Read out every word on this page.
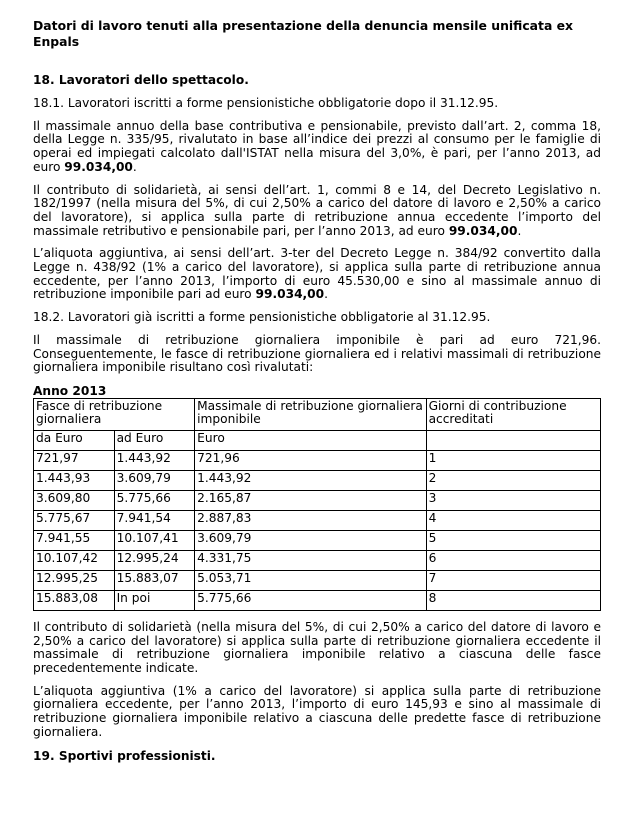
Datori di lavoro tenuti alla presentazione della denuncia mensile unificata ex Enpals
18. Lavoratori dello spettacolo.

18.1. Lavoratori iscritti a forme pensionistiche obbligatorie dopo il 31.12.95.

Il massimale annuo della base contributiva e pensionabile, previsto dall’art. 2, comma 18, della Legge n. 335/95, rivalutato in base all’indice dei prezzi al consumo per le famiglie di operai ed impiegati calcolato dall'ISTAT nella misura del 3,0%, è pari, per l’anno 2013, ad euro 99.034,00.

Il contributo di solidarietà, ai sensi dell’art. 1, commi 8 e 14, del Decreto Legislativo n. 182/1997 (nella misura del 5%, di cui 2,50% a carico del datore di lavoro e 2,50% a carico del lavoratore), si applica sulla parte di retribuzione annua eccedente l’importo del massimale retributivo e pensionabile pari, per l’anno 2013, ad euro 99.034,00.

L’aliquota aggiuntiva, ai sensi dell’art. 3-ter del Decreto Legge n. 384/92 convertito dalla Legge n. 438/92 (1% a carico del lavoratore), si applica sulla parte di retribuzione annua eccedente, per l’anno 2013, l’importo di euro 45.530,00 e sino al massimale annuo di retribuzione imponibile pari ad euro 99.034,00.

18.2. Lavoratori già iscritti a forme pensionistiche obbligatorie al 31.12.95.

Il massimale di retribuzione giornaliera imponibile è pari ad euro 721,96. Conseguentemente, le fasce di retribuzione giornaliera ed i relativi massimali di retribuzione giornaliera imponibile risultano così rivalutati:

Anno 2013
Fasce di retribuzione giornaliera		Massimale di retribuzione giornaliera imponibile	Giorni di contribuzione accreditati
da Euro	ad Euro	Euro	
721,97	1.443,92	721,96	1
1.443,93	3.609,79	1.443,92	2
3.609,80	5.775,66	2.165,87	3
5.775,67	7.941,54	2.887,83	4
7.941,55	10.107,41	3.609,79	5
10.107,42	12.995,24	4.331,75	6
12.995,25	15.883,07	5.053,71	7
15.883,08	In poi	5.775,66	8

Il contributo di solidarietà (nella misura del 5%, di cui 2,50% a carico del datore di lavoro e 2,50% a carico del lavoratore) si applica sulla parte di retribuzione giornaliera eccedente il massimale di retribuzione giornaliera imponibile relativo a ciascuna delle fasce precedentemente indicate.

L’aliquota aggiuntiva (1% a carico del lavoratore) si applica sulla parte di retribuzione giornaliera eccedente, per l’anno 2013, l’importo di euro 145,93 e sino al massimale di retribuzione giornaliera imponibile relativo a ciascuna delle predette fasce di retribuzione giornaliera.

19. Sportivi professionisti.
